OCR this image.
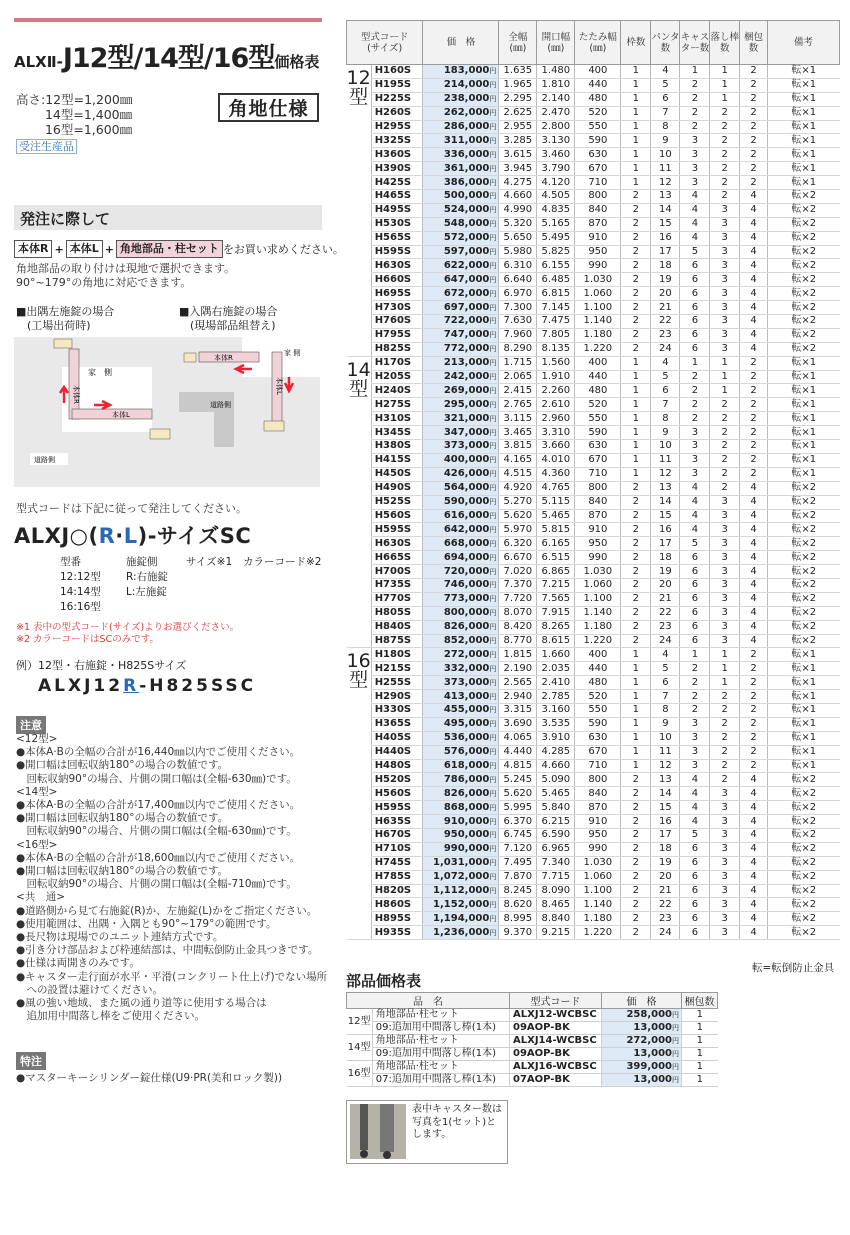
ALXⅡ-J12型/14型/16型価格表
高さ:12型=1,200㎜
　　 14型=1,400㎜
　　 16型=1,600㎜
角地仕様
受注生産品
発注に際して
本体R + 本体L + 角地部品・柱セット をお買い求めください。
角地部品の取り付けは現地で選択できます。
90°~179°の角地に対応できます。
■出隅左施錠の場合
　(工場出荷時)
■入隅右施錠の場合
　(現場部品組替え)
家　側
本体R
本体L
道路側
本体R
家 側
本体L
道路側
型式コードは下記に従って発注してください。
ALXJ○(R·L)-サイズSC
型番
12:12型
14:14型
16:16型
施錠側
R:右施錠
L:左施錠
サイズ※1 カラーコード※2
※1 表中の型式コード(サイズ)よりお選びください。
※2 カラーコードはSCのみです。
例）12型・右施錠・H825Sサイズ
ALXJ12R-H825SSC
注意
<12型>
●本体A·Bの全幅の合計が16,440㎜以内でご使用ください。
●開口幅は回転収納180°の場合の数値です。
　回転収納90°の場合、片側の開口幅は(全幅-630㎜)です。
<14型>
●本体A·Bの全幅の合計が17,400㎜以内でご使用ください。
●開口幅は回転収納180°の場合の数値です。
　回転収納90°の場合、片側の開口幅は(全幅-630㎜)です。
<16型>
●本体A·Bの全幅の合計が18,600㎜以内でご使用ください。
●開口幅は回転収納180°の場合の数値です。
　回転収納90°の場合、片側の開口幅は(全幅-710㎜)です。
<共　通>
●道路側から見て右施錠(R)か、左施錠(L)かをご指定ください。
●使用範囲は、出隅・入隅とも90°~179°の範囲です。
●長尺物は現場でのユニット連結方式です。
●引き分け部品および枠連結部は、中間転倒防止金具つきです。
●仕様は両開きのみです。
●キャスター走行面が水平・平滑(コンクリート仕上げ)でない場所
　への設置は避けてください。
●風の強い地域、また風の通り道等に使用する場合は
　追加用中間落し棒をご使用ください。
特注
●マスターキーシリンダー錠仕様(U9·PR(美和ロック製))
型式コード
(サイズ)		価　格	全幅
(㎜)	開口幅
(㎜)	たたみ幅
(㎜)	枠数	パンタ
数	キャス
ター数	落し棒
数	梱包
数	備考
12
型	H160S	183,000円	1.635	1.480	400	1	4	1	1	2	転×1
	H195S	214,000円	1.965	1.810	440	1	5	2	1	2	転×1
	H225S	238,000円	2.295	2.140	480	1	6	2	1	2	転×1
	H260S	262,000円	2.625	2.470	520	1	7	2	2	2	転×1
	H295S	286,000円	2.955	2.800	550	1	8	2	2	2	転×1
	H325S	311,000円	3.285	3.130	590	1	9	3	2	2	転×1
	H360S	336,000円	3.615	3.460	630	1	10	3	2	2	転×1
	H390S	361,000円	3.945	3.790	670	1	11	3	2	2	転×1
	H425S	386,000円	4.275	4.120	710	1	12	3	2	2	転×1
	H465S	500,000円	4.660	4.505	800	2	13	4	2	4	転×2
	H495S	524,000円	4.990	4.835	840	2	14	4	3	4	転×2
	H530S	548,000円	5.320	5.165	870	2	15	4	3	4	転×2
	H565S	572,000円	5.650	5.495	910	2	16	4	3	4	転×2
	H595S	597,000円	5.980	5.825	950	2	17	5	3	4	転×2
	H630S	622,000円	6.310	6.155	990	2	18	6	3	4	転×2
	H660S	647,000円	6.640	6.485	1.030	2	19	6	3	4	転×2
	H695S	672,000円	6.970	6.815	1.060	2	20	6	3	4	転×2
	H730S	697,000円	7.300	7.145	1.100	2	21	6	3	4	転×2
	H760S	722,000円	7.630	7.475	1.140	2	22	6	3	4	転×2
	H795S	747,000円	7.960	7.805	1.180	2	23	6	3	4	転×2
	H825S	772,000円	8.290	8.135	1.220	2	24	6	3	4	転×2
14
型	H170S	213,000円	1.715	1.560	400	1	4	1	1	2	転×1
	H205S	242,000円	2.065	1.910	440	1	5	2	1	2	転×1
	H240S	269,000円	2.415	2.260	480	1	6	2	1	2	転×1
	H275S	295,000円	2.765	2.610	520	1	7	2	2	2	転×1
	H310S	321,000円	3.115	2.960	550	1	8	2	2	2	転×1
	H345S	347,000円	3.465	3.310	590	1	9	3	2	2	転×1
	H380S	373,000円	3.815	3.660	630	1	10	3	2	2	転×1
	H415S	400,000円	4.165	4.010	670	1	11	3	2	2	転×1
	H450S	426,000円	4.515	4.360	710	1	12	3	2	2	転×1
	H490S	564,000円	4.920	4.765	800	2	13	4	2	4	転×2
	H525S	590,000円	5.270	5.115	840	2	14	4	3	4	転×2
	H560S	616,000円	5.620	5.465	870	2	15	4	3	4	転×2
	H595S	642,000円	5.970	5.815	910	2	16	4	3	4	転×2
	H630S	668,000円	6.320	6.165	950	2	17	5	3	4	転×2
	H665S	694,000円	6.670	6.515	990	2	18	6	3	4	転×2
	H700S	720,000円	7.020	6.865	1.030	2	19	6	3	4	転×2
	H735S	746,000円	7.370	7.215	1.060	2	20	6	3	4	転×2
	H770S	773,000円	7.720	7.565	1.100	2	21	6	3	4	転×2
	H805S	800,000円	8.070	7.915	1.140	2	22	6	3	4	転×2
	H840S	826,000円	8.420	8.265	1.180	2	23	6	3	4	転×2
	H875S	852,000円	8.770	8.615	1.220	2	24	6	3	4	転×2
16
型	H180S	272,000円	1.815	1.660	400	1	4	1	1	2	転×1
	H215S	332,000円	2.190	2.035	440	1	5	2	1	2	転×1
	H255S	373,000円	2.565	2.410	480	1	6	2	1	2	転×1
	H290S	413,000円	2.940	2.785	520	1	7	2	2	2	転×1
	H330S	455,000円	3.315	3.160	550	1	8	2	2	2	転×1
	H365S	495,000円	3.690	3.535	590	1	9	3	2	2	転×1
	H405S	536,000円	4.065	3.910	630	1	10	3	2	2	転×1
	H440S	576,000円	4.440	4.285	670	1	11	3	2	2	転×1
	H480S	618,000円	4.815	4.660	710	1	12	3	2	2	転×1
	H520S	786,000円	5.245	5.090	800	2	13	4	2	4	転×2
	H560S	826,000円	5.620	5.465	840	2	14	4	3	4	転×2
	H595S	868,000円	5.995	5.840	870	2	15	4	3	4	転×2
	H635S	910,000円	6.370	6.215	910	2	16	4	3	4	転×2
	H670S	950,000円	6.745	6.590	950	2	17	5	3	4	転×2
	H710S	990,000円	7.120	6.965	990	2	18	6	3	4	転×2
	H745S	1,031,000円	7.495	7.340	1.030	2	19	6	3	4	転×2
	H785S	1,072,000円	7.870	7.715	1.060	2	20	6	3	4	転×2
	H820S	1,112,000円	8.245	8.090	1.100	2	21	6	3	4	転×2
	H860S	1,152,000円	8.620	8.465	1.140	2	22	6	3	4	転×2
	H895S	1,194,000円	8.995	8.840	1.180	2	23	6	3	4	転×2
	H935S	1,236,000円	9.370	9.215	1.220	2	24	6	3	4	転×2
転=転倒防止金具
部品価格表
品　名		型式コード	価　格	梱包数
12型	角地部品·柱セット	ALXJ12-WCBSC	258,000円	1
	09:追加用中間落し棒(1本)	09AOP-BK	13,000円	1
14型	角地部品·柱セット	ALXJ14-WCBSC	272,000円	1
	09:追加用中間落し棒(1本)	09AOP-BK	13,000円	1
16型	角地部品·柱セット	ALXJ16-WCBSC	399,000円	1
	07:追加用中間落し棒(1本)	07AOP-BK	13,000円	1
表中キャスター数は
写真を1(セット)と
します。
